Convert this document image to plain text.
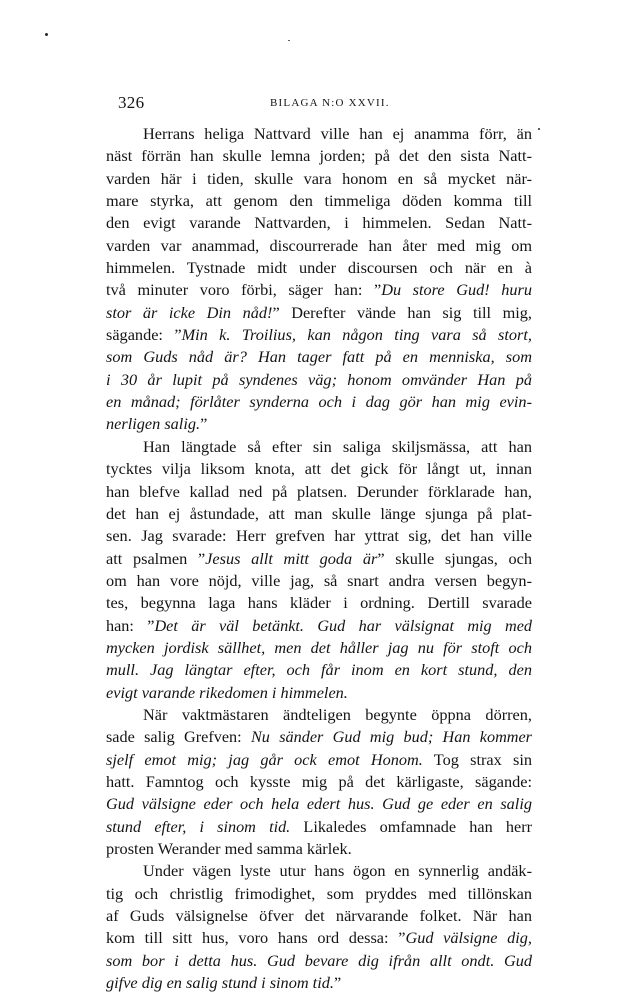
326	BILAGA N:O XXVII.
Herrans heliga Nattvard ville han ej anamma förr, än
näst förrän han skulle lemna jorden; på det den sista Natt-
varden här i tiden, skulle vara honom en så mycket när-
mare styrka, att genom den timmeliga döden komma till
den evigt varande Nattvarden, i himmelen. Sedan Natt-
varden var anammad, discourrerade han åter med mig om
himmelen. Tystnade midt under discoursen och när en à
två minuter voro förbi, säger han: ”Du store Gud! huru
stor är icke Din nåd!” Derefter vände han sig till mig,
sägande: ”Min k. Troilius, kan någon ting vara så stort,
som Guds nåd är? Han tager fatt på en menniska, som
i 30 år lupit på syndenes väg; honom omvänder Han på
en månad; förlåter synderna och i dag gör han mig evin-
nerligen salig.”
Han längtade så efter sin saliga skiljsmässa, att han
tycktes vilja liksom knota, att det gick för långt ut, innan
han blefve kallad ned på platsen. Derunder förklarade han,
det han ej åstundade, att man skulle länge sjunga på plat-
sen. Jag svarade: Herr grefven har yttrat sig, det han ville
att psalmen ”Jesus allt mitt goda är” skulle sjungas, och
om han vore nöjd, ville jag, så snart andra versen begyn-
tes, begynna laga hans kläder i ordning. Dertill svarade
han: ”Det är väl betänkt. Gud har välsignat mig med
mycken jordisk sällhet, men det håller jag nu för stoft och
mull. Jag längtar efter, och får inom en kort stund, den
evigt varande rikedomen i himmelen.
När vaktmästaren ändteligen begynte öppna dörren,
sade salig Grefven: Nu sänder Gud mig bud; Han kommer
sjelf emot mig; jag går ock emot Honom. Tog strax sin
hatt. Famntog och kysste mig på det kärligaste, sägande:
Gud välsigne eder och hela edert hus. Gud ge eder en salig
stund efter, i sinom tid. Likaledes omfamnade han herr
prosten Werander med samma kärlek.
Under vägen lyste utur hans ögon en synnerlig andäk-
tig och christlig frimodighet, som pryddes med tillönskan
af Guds välsignelse öfver det närvarande folket. När han
kom till sitt hus, voro hans ord dessa: ”Gud välsigne dig,
som bor i detta hus. Gud bevare dig ifrån allt ondt. Gud
gifve dig en salig stund i sinom tid.”
